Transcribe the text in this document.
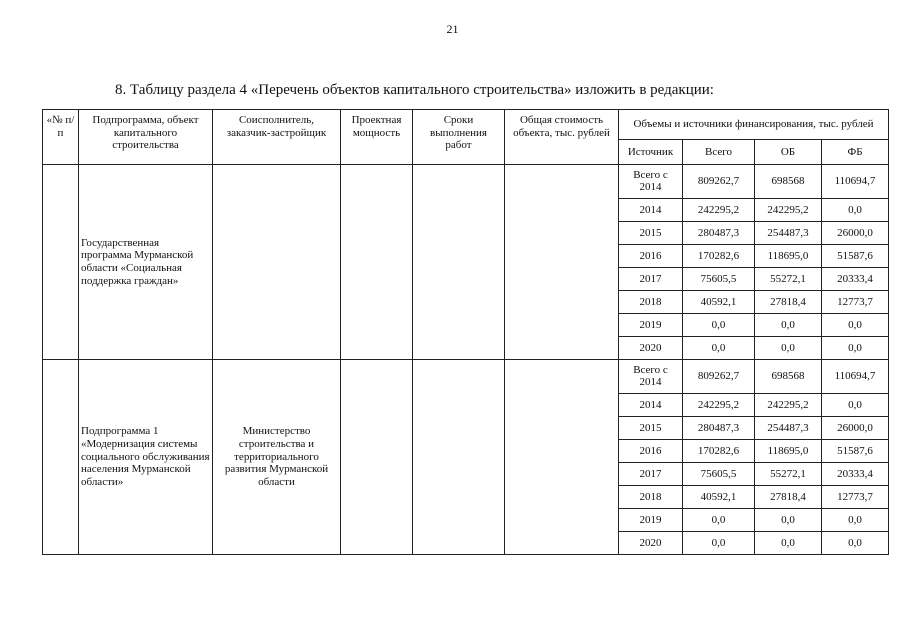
21
8. Таблицу раздела 4 «Перечень объектов капитального строительства» изложить в редакции:
«№ п/п	Подпрограмма, объект капитального строительства	Соисполнитель, заказчик-застройщик	Проектная мощность	Сроки выполнения работ	Общая стоимость объекта, тыс. рублей	Объемы и источники финансирования, тыс. рублей			
						Источник	Всего	ОБ	ФБ
	Государственная программа Мурманской области «Социальная поддержка граждан»					Всего с 2014	809262,7	698568	110694,7
						2014	242295,2	242295,2	0,0
						2015	280487,3	254487,3	26000,0
						2016	170282,6	118695,0	51587,6
						2017	75605,5	55272,1	20333,4
						2018	40592,1	27818,4	12773,7
						2019	0,0	0,0	0,0
						2020	0,0	0,0	0,0
	Подпрограмма 1 «Модернизация системы социального обслуживания населения Мурманской области»	Министерство строительства и территориального развития Мурманской области				Всего с 2014	809262,7	698568	110694,7
						2014	242295,2	242295,2	0,0
						2015	280487,3	254487,3	26000,0
						2016	170282,6	118695,0	51587,6
						2017	75605,5	55272,1	20333,4
						2018	40592,1	27818,4	12773,7
						2019	0,0	0,0	0,0
						2020	0,0	0,0	0,0
